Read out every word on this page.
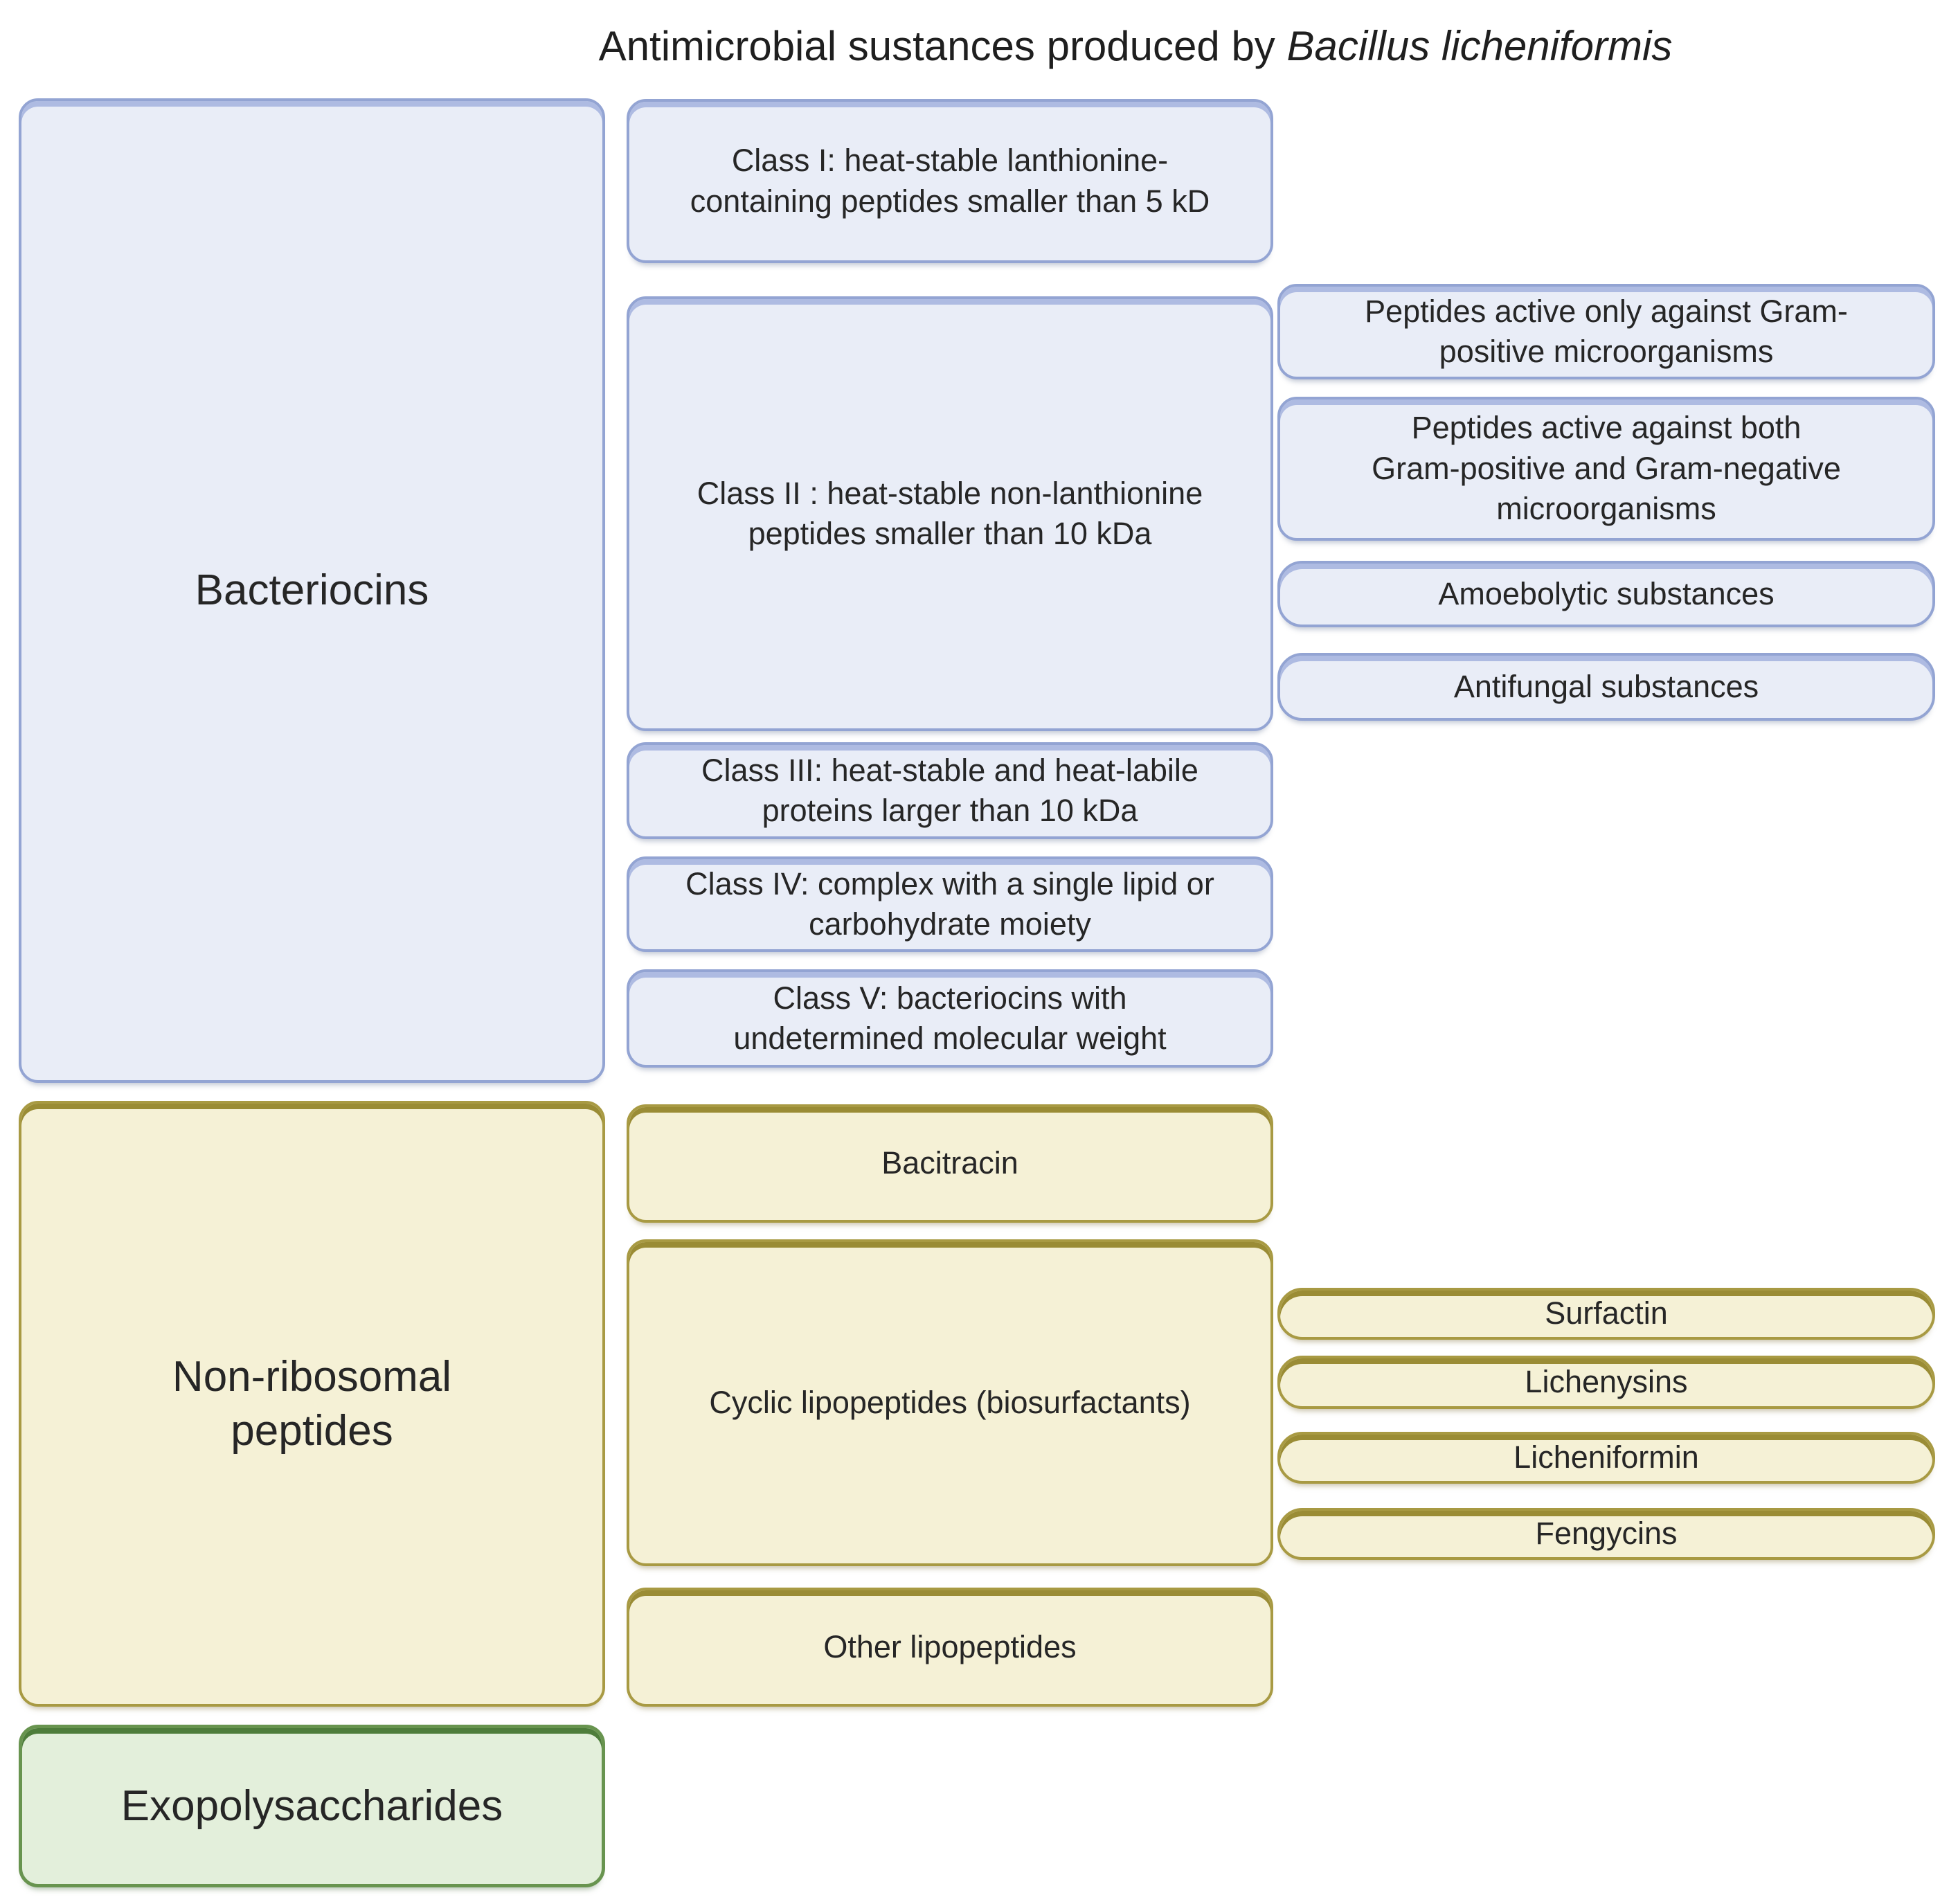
Antimicrobial sustances produced by Bacillus licheniformis
Bacteriocins
Non-ribosomal peptides
Exopolysaccharides
Class I: heat-stable lanthionine-containing peptides smaller than 5 kD
Class II : heat-stable non-lanthionine peptides smaller than 10 kDa
Class III: heat-stable and heat-labile proteins larger than 10 kDa
Class IV: complex with a single lipid or carbohydrate moiety
Class V: bacteriocins with undetermined molecular weight
Peptides active only against Gram-positive microorganisms
Peptides active against both Gram-positive and Gram-negative microorganisms
Amoebolytic substances
Antifungal substances
Bacitracin
Cyclic lipopeptides (biosurfactants)
Other lipopeptides
Surfactin
Lichenysins
Licheniformin
Fengycins
